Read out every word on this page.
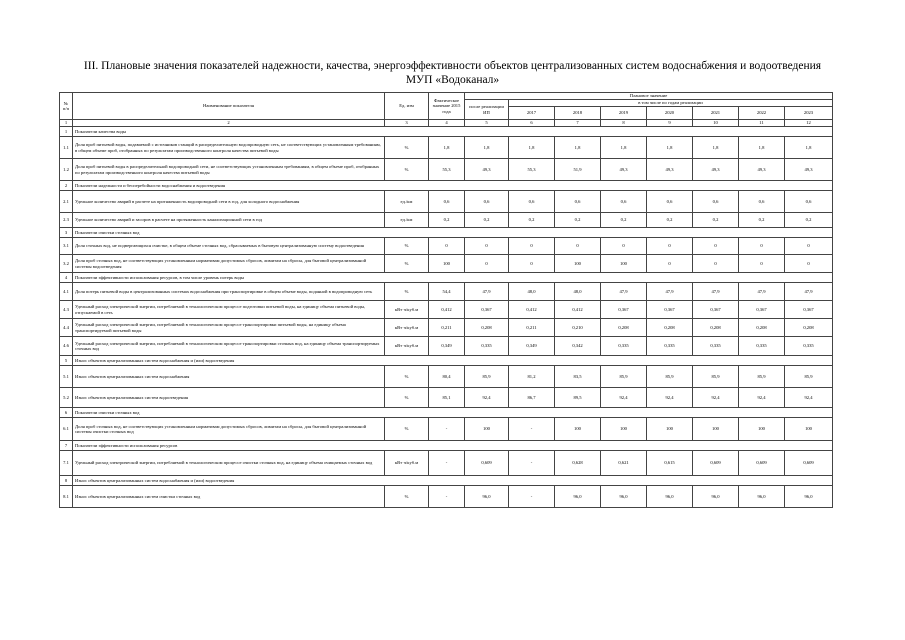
III. Плановые значения показателей надежности, качества, энергоэффективности объектов централизованных систем водоснабжения и водоотведения
МУП «Водоканал»
№ п/п	Наименование показателя	Ед. изм	Фактическое значение 2015 года	Плановое значение							
				после реализации ИП	в том числе по годам реализации						
					2017	2018	2019	2020	2021	2022	2023
1	2	3	4	5	6	7	8	9	10	11	12
1	Показатели качества воды										
1.1	Доля проб питьевой воды, подаваемой с источников станций в распределительную водопроводную сеть, не соответствующих установленным требованиям, в общем объеме проб, отобранных по результатам производственного контроля качества питьевой воды	%	1,8	1,8	1,8	1,8	1,8	1,8	1,8	1,8	1,8
1.2	Доля проб питьевой воды в распределительной водопроводной сети, не соответствующих установленным требованиям, в общем объеме проб, отобранных по результатам производственного контроля качества питьевой воды	%	55,3	49,3	55,3	51,9	49,3	49,3	49,3	49,3	49,3
2	Показатели надежности и бесперебойности водоснабжения и водоотведения										
2.1	Удельное количество аварий в расчете на протяженность водопроводной сети в год, для холодного водоснабжения	ед./км	0,6	0,6	0,6	0,6	0,6	0,6	0,6	0,6	0,6
2.3	Удельное количество аварий и засоров в расчете на протяженность канализационной сети в год	ед./км	0,2	0,2	0,2	0,2	0,2	0,2	0,2	0,2	0,2
3	Показатели очистки сточных вод										
3.1	Доля сточных вод, не подвергающихся очистке, в общем объеме сточных вод, сбрасываемых в бытовую централизованную систему водоотведения	%	0	0	0	0	0	0	0	0	0
3.2	Доля проб сточных вод, не соответствующих установленным нормативам допустимых сбросов, лимитам на сбросы, для бытовой централизованной системы водоотведения	%	100	0	0	100	100	0	0	0	0
4	Показатели эффективности использования ресурсов, в том числе уровень потерь воды										
4.1	Доля потерь питьевой воды в централизованных системах водоснабжения при транспортировке в общем объеме воды, поданной в водопроводную сеть	%	54,4	47,9	48,0	48,0	47,9	47,9	47,9	47,9	47,9
4.3	Удельный расход электрической энергии, потребляемой в технологическом процессе подготовки питьевой воды, на единицу объема питьевой воды, отпускаемой в сеть	кВт·ч/куб.м	0,412	0,367	0,412	0,412	0,367	0,367	0,367	0,367	0,367
4.4	Удельный расход электрической энергии, потребляемой в технологическом процессе транспортировки питьевой воды, на единицу объема транспортируемой питьевой воды	кВт·ч/куб.м	0,211	0,208	0,211	0,210	0,208	0,208	0,208	0,208	0,208
4.6	Удельный расход электрической энергии, потребляемой в технологическом процессе транспортировки сточных вод, на единицу объема транспортируемых сточных вод	кВт·ч/куб.м	0,349	0,335	0,349	0,342	0,335	0,335	0,335	0,335	0,335
5	Износ объектов централизованных систем водоснабжения и (или) водоотведения										
5.1	Износ объектов централизованных систем водоснабжения	%	80,4	85,9	81,2	83,5	85,9	85,9	85,9	85,9	85,9
5.2	Износ объектов централизованных систем водоотведения	%	85,1	92,4	86,7	89,5	92,4	92,4	92,4	92,4	92,4
6	Показатели очистки сточных вод										
6.1	Доля проб сточных вод, не соответствующих установленным нормативам допустимых сбросов, лимитам на сбросы, для бытовой централизованной системы очистки сточных вод	%	-	100	-	100	100	100	100	100	100
7	Показатели эффективности использования ресурсов										
7.1	Удельный расход электрической энергии, потребляемой в технологическом процессе очистки сточных вод, на единицу объема очищаемых сточных вод	кВт·ч/куб.м	-	0,609	-	0,628	0,621	0,615	0,609	0,609	0,609
8	Износ объектов централизованных систем водоснабжения и (или) водоотведения										
8.1	Износ объектов централизованных систем очистки сточных вод	%	-	96,0	-	96,0	96,0	96,0	96,0	96,0	96,0
